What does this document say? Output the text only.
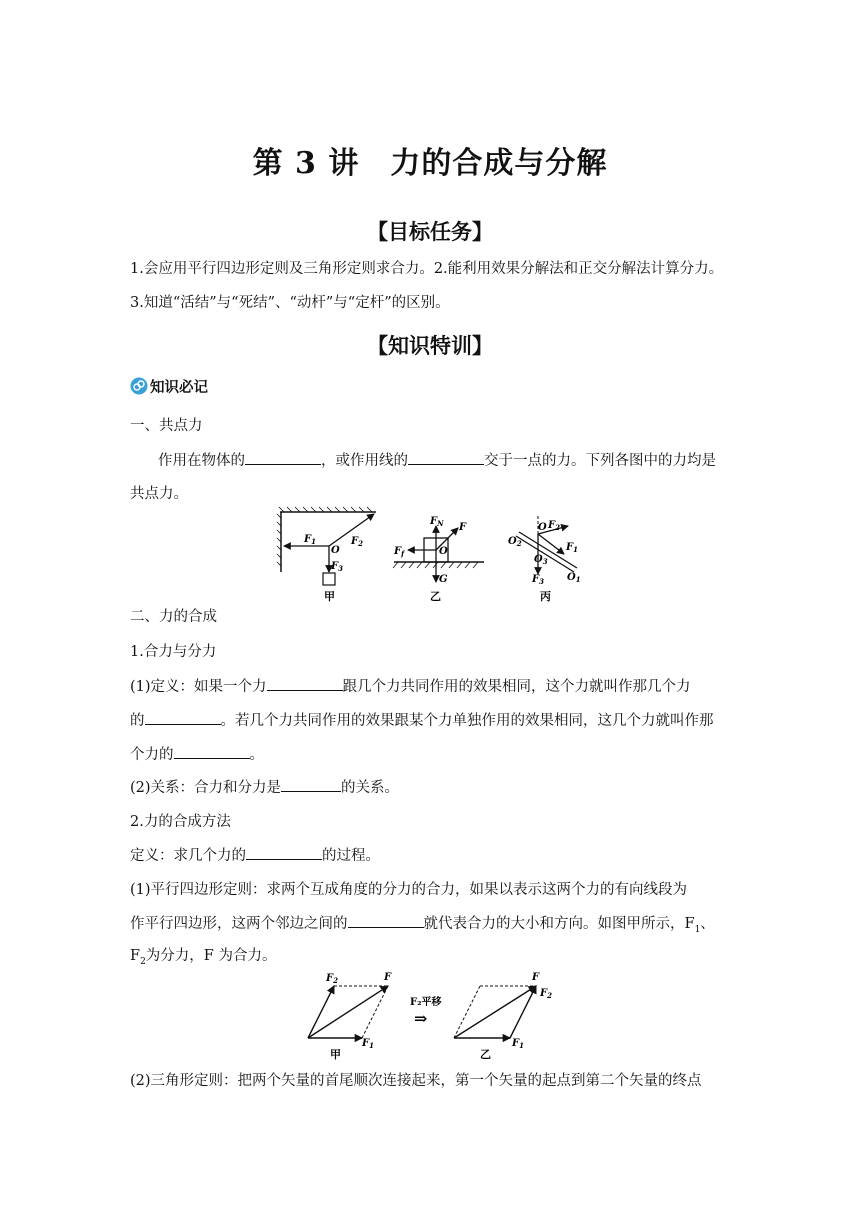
第 3 讲　力的合成与分解
【目标任务】
1.会应用平行四边形定则及三角形定则求合力。2.能利用效果分解法和正交分解法计算分力。
3.知道“活结”与“死结”、“动杆”与“定杆”的区别。
【知识特训】
知识必记
一、共点力
作用在物体的	，或作用线的	交于一点的力。下列各图中的力均是
共点力。
$F_1$	$F_2$
O
$F_3$
甲
$F_N$ F
$F_f$	O
G
乙
$F_2$
O
$O_2$
$O_3$
$F_1$
$F_3$ $O_1$
丙
二、力的合成
1.合力与分力
(1)定义：如果一个力	跟几个力共同作用的效果相同，这个力就叫作那几个力
的	。若几个力共同作用的效果跟某个力单独作用的效果相同，这几个力就叫作那
个力的	。
(2)关系：合力和分力是	的关系。
2.力的合成方法
定义：求几个力的	的过程。
(1)平行四边形定则：求两个互成角度的分力的合力，如果以表示这两个力的有向线段为
作平行四边形，这两个邻边之间的	就代表合力的大小和方向。如图甲所示，$F_1$、
$F_2$为分力，F 为合力。
$F_2$	F
$F_1$
甲
F₂平移
⇒
F
$F_2$
$F_1$
乙
(2)三角形定则：把两个矢量的首尾顺次连接起来，第一个矢量的起点到第二个矢量的终点
